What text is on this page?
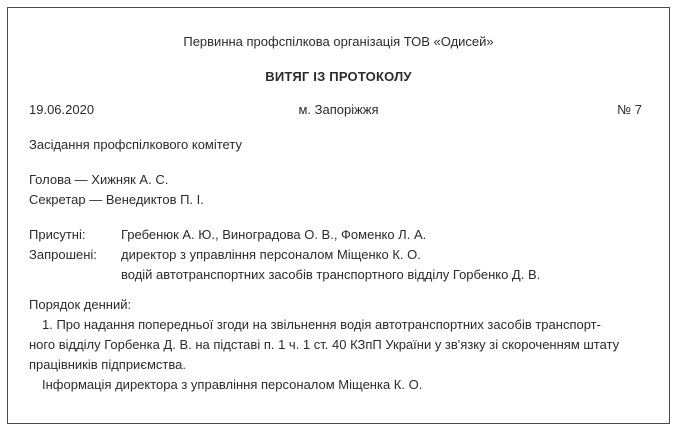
Первинна профспілкова організація ТОВ «Одисей»
ВИТЯГ ІЗ ПРОТОКОЛУ
19.06.2020	м. Запоріжжя	№ 7
Засідання профспілкового комітету
Голова — Хижняк А. С.
Секретар — Венедиктов П. І.
Присутні:	Гребенюк А. Ю., Виноградова О. В., Фоменко Л. А.
Запрошені:	директор з управління персоналом Міщенко К. О.
водій автотранспортних засобів транспортного відділу Горбенко Д. В.
Порядок денний:
1. Про надання попередньої згоди на звільнення водія автотранспортних засобів транспорт-
ного відділу Горбенка Д. В. на підставі п. 1 ч. 1 ст. 40 КЗпП України у зв'язку зі скороченням штату
працівників підприємства.
Інформація директора з управління персоналом Міщенка К. О.
